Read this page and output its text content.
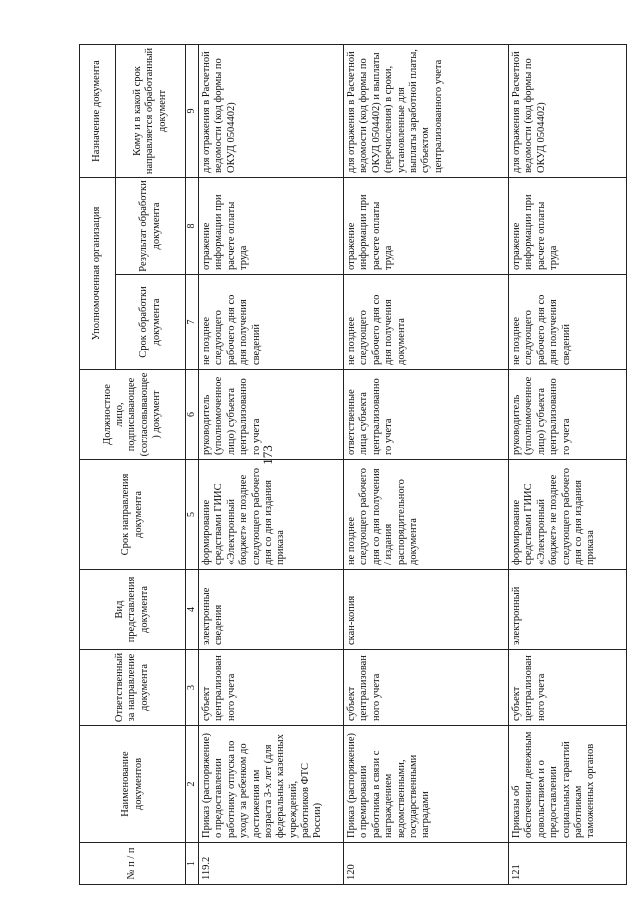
173
№ п / п	Наименование документов	Ответственный за направление документа	Вид представления документа	Срок направления документа	Должностное лицо, подписывающее (согласовывающее) документ	Уполномоченная организация		Назначение документа
						Срок обработки документа	Результат обработки документа	Кому и в какой срок направляется обработанный документ
1	2	3	4	5	6	7	8	9
119.2	Приказ (распоряжение) о предоставлении работнику отпуска по уходу за ребенком до достижения им возраста 3-х лет (для федеральных казенных учреждений, работников ФТС России)	субъект централизованного учета	электронные сведения	формирование средствами ГИИС «Электронный бюджет» не позднее следующего рабочего дня со дня издания приказа	руководитель (уполномоченное лицо) субъекта централизованного учета	не позднее следующего рабочего дня со дня получения сведений	отражение информации при расчете оплаты труда	для отражения в Расчетной ведомости (код формы по ОКУД 0504402)
120	Приказ (распоряжение) о премировании работника в связи с награждением ведомственными, государственными наградами	субъект централизованного учета	скан-копия	не позднее следующего рабочего дня со дня получения / издания распорядительного документа	ответственные лица субъекта централизованного учета	не позднее следующего рабочего дня со дня получения документа	отражение информации при расчете оплаты труда	для отражения в Расчетной ведомости (код формы по ОКУД 0504402) и выплаты (перечисления) в сроки, установленные для выплаты заработной платы, субъектом централизованного учета
121	Приказы об обеспечении денежным довольствием и о предоставлении социальных гарантий работникам таможенных органов	субъект централизованного учета	электронный	формирование средствами ГИИС «Электронный бюджет» не позднее следующего рабочего дня со дня издания приказа	руководитель (уполномоченное лицо) субъекта централизованного учета	не позднее следующего рабочего дня со дня получения сведений	отражение информации при расчете оплаты труда	для отражения в Расчетной ведомости (код формы по ОКУД 0504402)
